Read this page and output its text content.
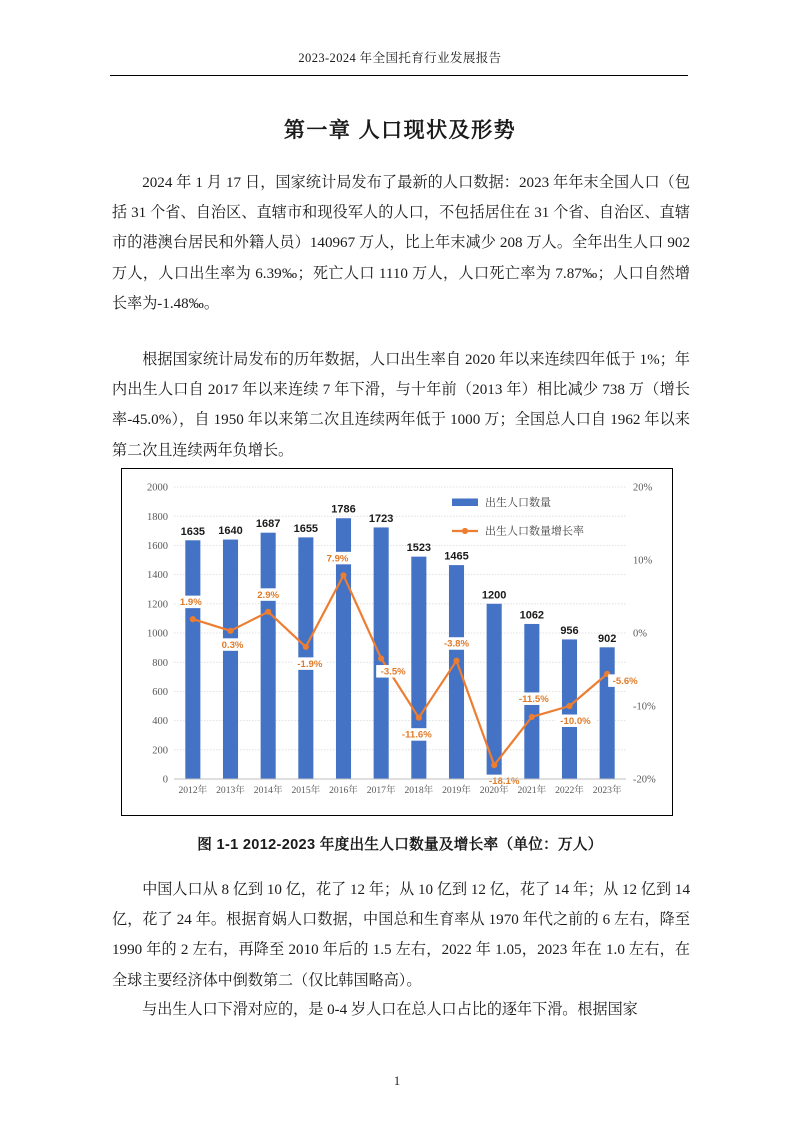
2023-2024 年全国托育行业发展报告
第一章 人口现状及形势

2024 年 1 月 17 日，国家统计局发布了最新的人口数据：2023 年年末全国人口（包括 31 个省、自治区、直辖市和现役军人的人口，不包括居住在 31 个省、自治区、直辖市的港澳台居民和外籍人员）140967 万人，比上年末减少 208 万人。全年出生人口 902 万人，人口出生率为 6.39‰；死亡人口 1110 万人，人口死亡率为 7.87‰；人口自然增长率为-1.48‰。

根据国家统计局发布的历年数据，人口出生率自 2020 年以来连续四年低于 1%；年内出生人口自 2017 年以来连续 7 年下滑，与十年前（2013 年）相比减少 738 万（增长率-45.0%），自 1950 年以来第二次且连续两年低于 1000 万；全国总人口自 1962 年以来第二次且连续两年负增长。

0
200
400
600
800
1000
1200
1400
1600
1800
2000
-20%
-10%
0%
10%
20%
1635 1640
1687 1655
1786
1723
1523
1465
1200
1062
956
902
1.9%
0.3%
2.9%
-1.9%
7.9%
-3.5%
-11.6%
-3.8%
-18.1%
-11.5%
-10.0%
-5.6%
2012年 2013年 2014年 2015年 2016年 2017年 2018年 2019年 2020年 2021年 2022年 2023年
出生人口数量
出生人口数量增长率
图 1-1 2012-2023 年度出生人口数量及增长率（单位：万人）

中国人口从 8 亿到 10 亿，花了 12 年；从 10 亿到 12 亿，花了 14 年；从 12 亿到 14 亿，花了 24 年。根据育娲人口数据，中国总和生育率从 1970 年代之前的 6 左右，降至 1990 年的 2 左右，再降至 2010 年后的 1.5 左右，2022 年 1.05，2023 年在 1.0 左右，在全球主要经济体中倒数第二（仅比韩国略高）。

与出生人口下滑对应的，是 0-4 岁人口在总人口占比的逐年下滑。根据国家

1
